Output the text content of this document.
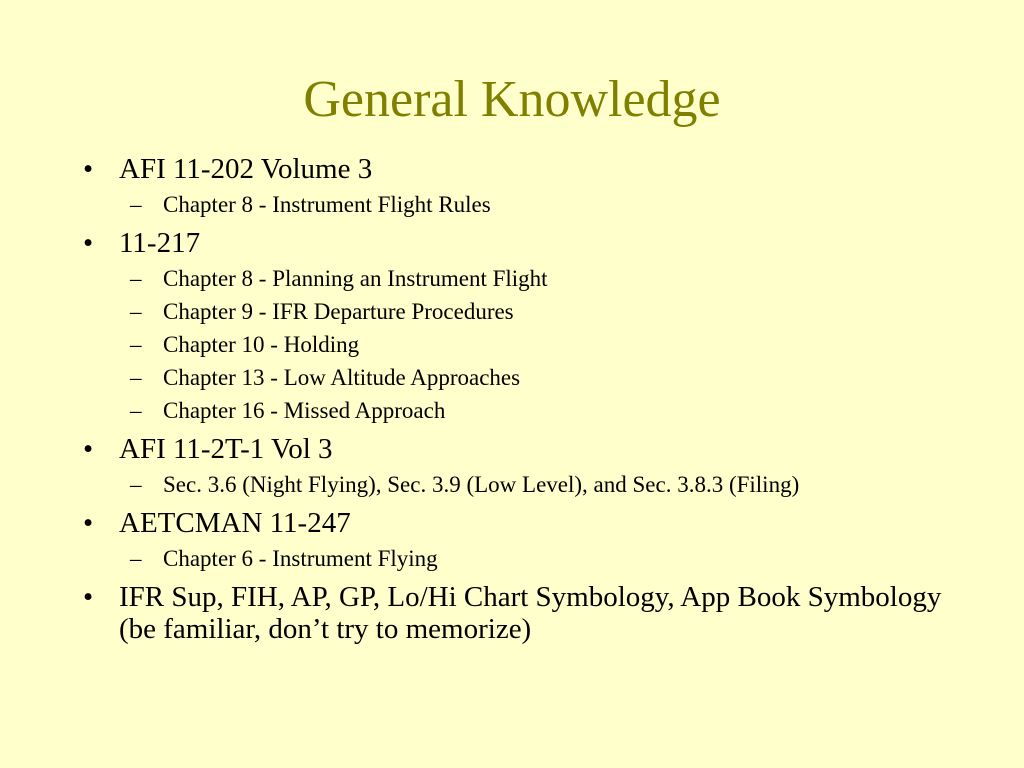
General Knowledge
• AFI 11-202 Volume 3
– Chapter 8 - Instrument Flight Rules
• 11-217
– Chapter 8 - Planning an Instrument Flight
– Chapter 9 - IFR Departure Procedures
– Chapter 10 - Holding
– Chapter 13 - Low Altitude Approaches
– Chapter 16 - Missed Approach
• AFI 11-2T-1 Vol 3
– Sec. 3.6 (Night Flying), Sec. 3.9 (Low Level), and Sec. 3.8.3 (Filing)
• AETCMAN 11-247
– Chapter 6 - Instrument Flying
• IFR Sup, FIH, AP, GP, Lo/Hi Chart Symbology, App Book Symbology (be familiar, don’t try to memorize)
